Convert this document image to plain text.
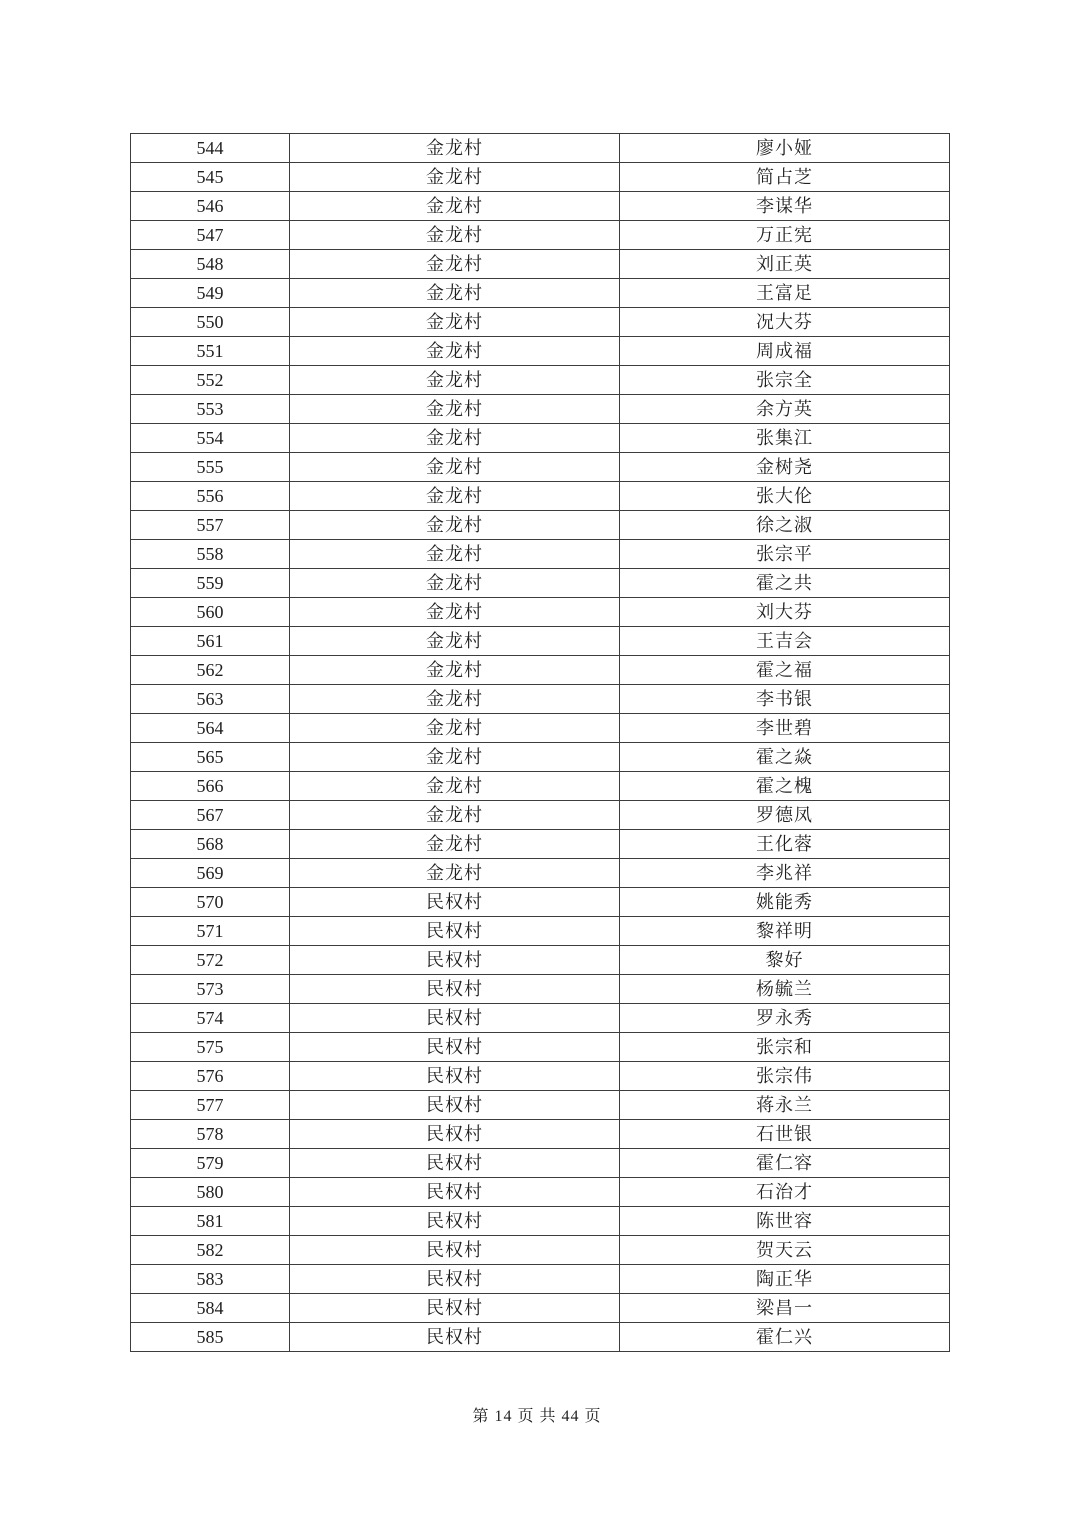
544	金龙村	廖小娅
545	金龙村	简占芝
546	金龙村	李谋华
547	金龙村	万正宪
548	金龙村	刘正英
549	金龙村	王富足
550	金龙村	况大芬
551	金龙村	周成福
552	金龙村	张宗全
553	金龙村	余方英
554	金龙村	张集江
555	金龙村	金树尧
556	金龙村	张大伦
557	金龙村	徐之淑
558	金龙村	张宗平
559	金龙村	霍之共
560	金龙村	刘大芬
561	金龙村	王吉会
562	金龙村	霍之福
563	金龙村	李书银
564	金龙村	李世碧
565	金龙村	霍之焱
566	金龙村	霍之槐
567	金龙村	罗德凤
568	金龙村	王化蓉
569	金龙村	李兆祥
570	民权村	姚能秀
571	民权村	黎祥明
572	民权村	黎好
573	民权村	杨毓兰
574	民权村	罗永秀
575	民权村	张宗和
576	民权村	张宗伟
577	民权村	蒋永兰
578	民权村	石世银
579	民权村	霍仁容
580	民权村	石治才
581	民权村	陈世容
582	民权村	贺天云
583	民权村	陶正华
584	民权村	梁昌一
585	民权村	霍仁兴
第 14 页 共 44 页
